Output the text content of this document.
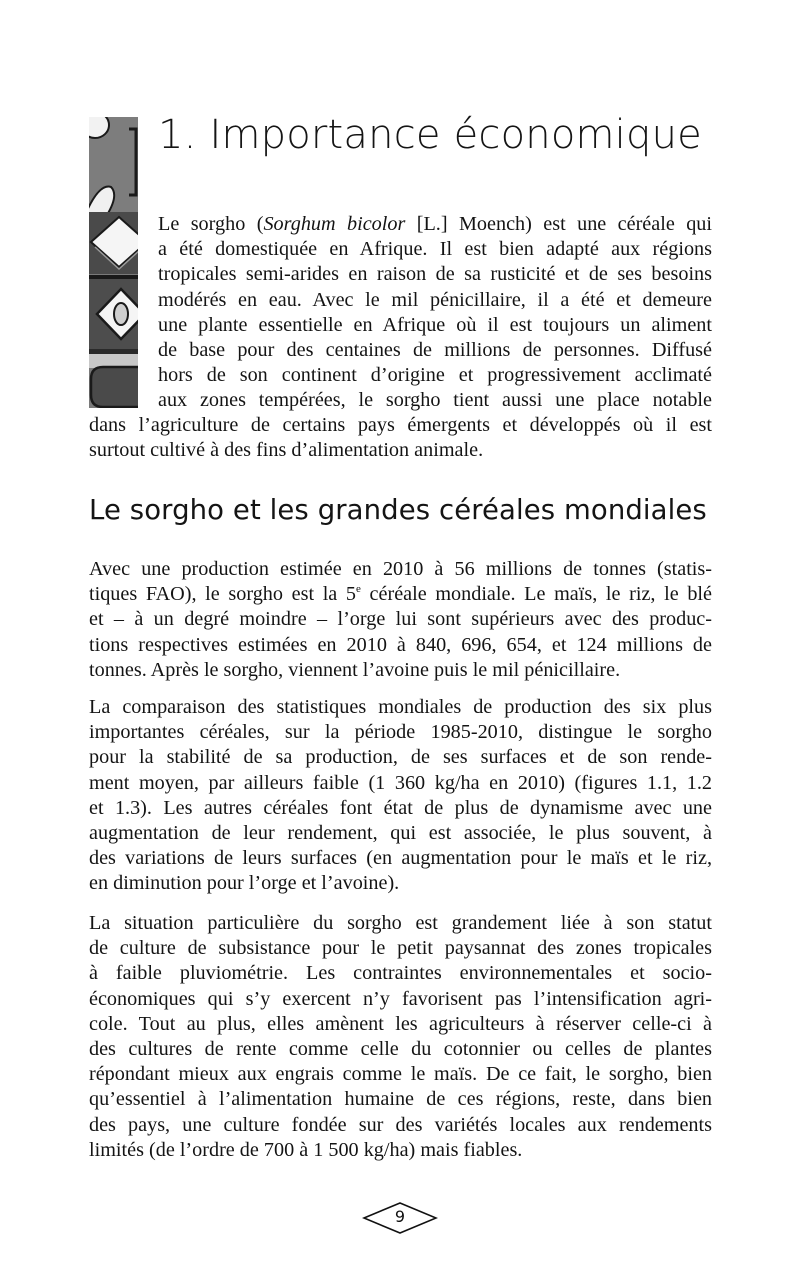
1. Importance économique

Le sorgho (Sorghum bicolor [L.] Moench) est une céréale qui
a été domestiquée en Afrique. Il est bien adapté aux régions
tropicales semi-arides en raison de sa rusticité et de ses besoins
modérés en eau. Avec le mil pénicillaire, il a été et demeure
une plante essentielle en Afrique où il est toujours un aliment
de base pour des centaines de millions de personnes. Diffusé
hors de son continent d’origine et progressivement acclimaté
aux zones tempérées, le sorgho tient aussi une place notable

dans l’agriculture de certains pays émergents et développés où il est
surtout cultivé à des fins d’alimentation animale.

Le sorgho et les grandes céréales mondiales

Avec une production estimée en 2010 à 56 millions de tonnes (statis-
tiques FAO), le sorgho est la 5e céréale mondiale. Le maïs, le riz, le blé
et – à un degré moindre – l’orge lui sont supérieurs avec des produc-
tions respectives estimées en 2010 à 840, 696, 654, et 124 millions de
tonnes. Après le sorgho, viennent l’avoine puis le mil pénicillaire.

La comparaison des statistiques mondiales de production des six plus
importantes céréales, sur la période 1985-2010, distingue le sorgho
pour la stabilité de sa production, de ses surfaces et de son rende-
ment moyen, par ailleurs faible (1 360 kg/ha en 2010) (figures 1.1, 1.2
et 1.3). Les autres céréales font état de plus de dynamisme avec une
augmentation de leur rendement, qui est associée, le plus souvent, à
des variations de leurs surfaces (en augmentation pour le maïs et le riz,
en diminution pour l’orge et l’avoine).

La situation particulière du sorgho est grandement liée à son statut
de culture de subsistance pour le petit paysannat des zones tropicales
à faible pluviométrie. Les contraintes environnementales et socio-
économiques qui s’y exercent n’y favorisent pas l’intensification agri-
cole. Tout au plus, elles amènent les agriculteurs à réserver celle-ci à
des cultures de rente comme celle du cotonnier ou celles de plantes
répondant mieux aux engrais comme le maïs. De ce fait, le sorgho, bien
qu’essentiel à l’alimentation humaine de ces régions, reste, dans bien
des pays, une culture fondée sur des variétés locales aux rendements
limités (de l’ordre de 700 à 1 500 kg/ha) mais fiables.

9
